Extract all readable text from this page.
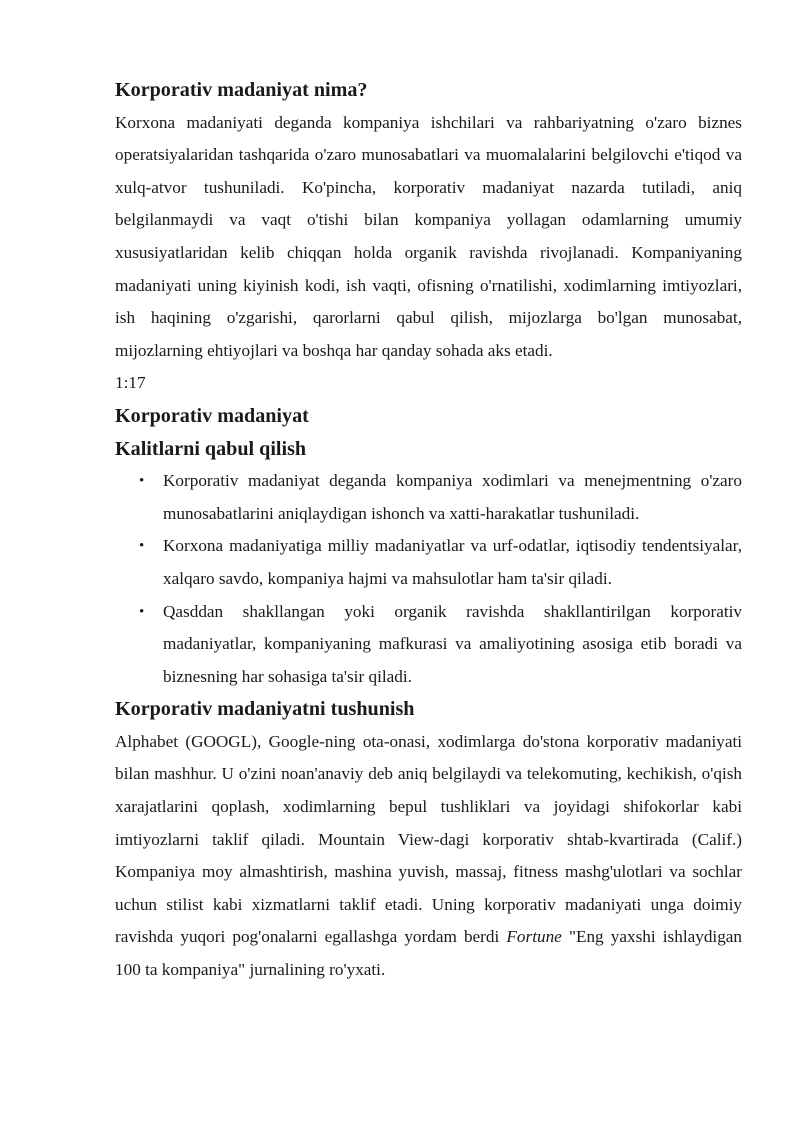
Korporativ madaniyat nima?

Korxona madaniyati deganda kompaniya ishchilari va rahbariyatning o'zaro biznes operatsiyalaridan tashqarida o'zaro munosabatlari va muomalalarini belgilovchi e'tiqod va xulq-atvor tushuniladi. Ko'pincha, korporativ madaniyat nazarda tutiladi, aniq belgilanmaydi va vaqt o'tishi bilan kompaniya yollagan odamlarning umumiy xususiyatlaridan kelib chiqqan holda organik ravishda rivojlanadi. Kompaniyaning madaniyati uning kiyinish kodi, ish vaqti, ofisning o'rnatilishi, xodimlarning imtiyozlari, ish haqining o'zgarishi, qarorlarni qabul qilish, mijozlarga bo'lgan munosabat, mijozlarning ehtiyojlari va boshqa har qanday sohada aks etadi.

1:17

Korporativ madaniyat
Kalitlarni qabul qilish
• Korporativ madaniyat deganda kompaniya xodimlari va menejmentning o'zaro munosabatlarini aniqlaydigan ishonch va xatti-harakatlar tushuniladi.
• Korxona madaniyatiga milliy madaniyatlar va urf-odatlar, iqtisodiy tendentsiyalar, xalqaro savdo, kompaniya hajmi va mahsulotlar ham ta'sir qiladi.
• Qasddan shakllangan yoki organik ravishda shakllantirilgan korporativ madaniyatlar, kompaniyaning mafkurasi va amaliyotining asosiga etib boradi va biznesning har sohasiga ta'sir qiladi.
Korporativ madaniyatni tushunish

Alphabet (GOOGL), Google-ning ota-onasi, xodimlarga do'stona korporativ madaniyati bilan mashhur. U o'zini noan'anaviy deb aniq belgilaydi va telekomuting, kechikish, o'qish xarajatlarini qoplash, xodimlarning bepul tushliklari va joyidagi shifokorlar kabi imtiyozlarni taklif qiladi. Mountain View-dagi korporativ shtab-kvartirada (Calif.) Kompaniya moy almashtirish, mashina yuvish, massaj, fitness mashg'ulotlari va sochlar uchun stilist kabi xizmatlarni taklif etadi. Uning korporativ madaniyati unga doimiy ravishda yuqori pog'onalarni egallashga yordam berdi Fortune "Eng yaxshi ishlaydigan 100 ta kompaniya" jurnalining ro'yxati.
